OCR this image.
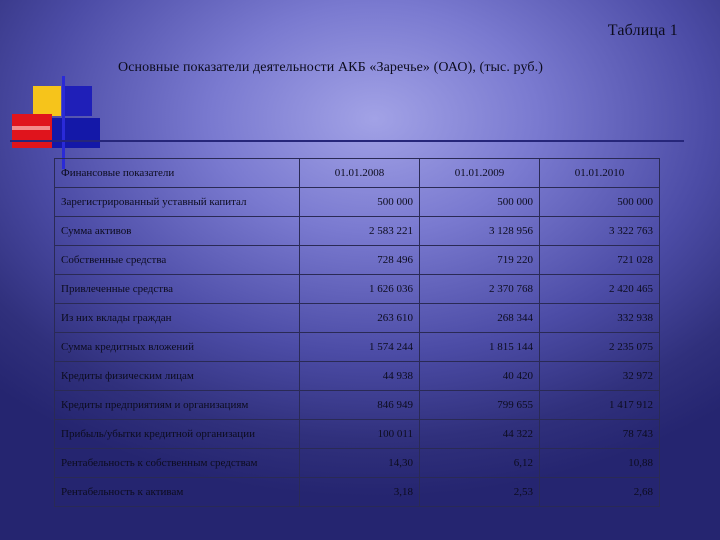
Таблица 1
Основные показатели деятельности АКБ «Заречье» (ОАО), (тыс. руб.)
Финансовые показатели	01.01.2008	01.01.2009	01.01.2010
Зарегистрированный уставный капитал	500 000	500 000	500 000
Сумма активов	2 583 221	3 128 956	3 322 763
Собственные средства	728 496	719 220	721 028
Привлеченные средства	1 626 036	2 370 768	2 420 465
Из них вклады граждан	263 610	268 344	332 938
Сумма кредитных вложений	1 574 244	1 815 144	2 235 075
Кредиты физическим лицам	44 938	40 420	32 972
Кредиты предприятиям и организациям	846 949	799 655	1 417 912
Прибыль/убытки кредитной организации	100 011	44 322	78 743
Рентабельность к собственным средствам	14,30	6,12	10,88
Рентабельность к активам	3,18	2,53	2,68
